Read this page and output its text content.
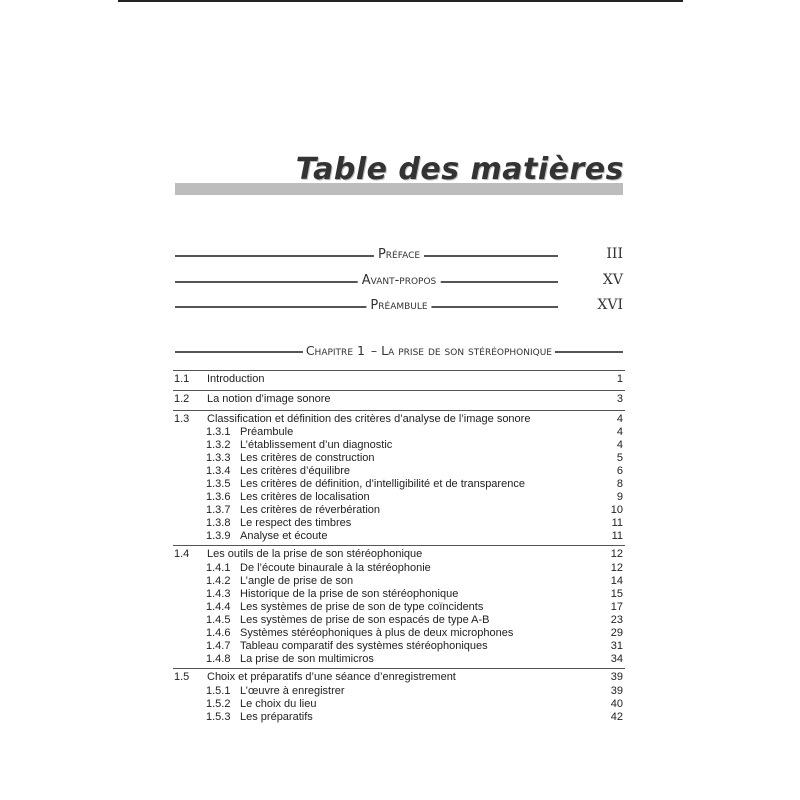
Table des matières
Préface	III
Avant-propos	XV
Préambule	XVI
Chapitre 1 – La prise de son stéréophonique
1.1	Introduction	1
1.2	La notion d’image sonore	3
1.3	Classification et définition des critères d’analyse de l’image sonore	4
1.3.1 Préambule	4
1.3.2 L’établissement d’un diagnostic	4
1.3.3 Les critères de construction	5
1.3.4 Les critères d’équilibre	6
1.3.5 Les critères de définition, d’intelligibilité et de transparence	8
1.3.6 Les critères de localisation	9
1.3.7 Les critères de réverbération	10
1.3.8 Le respect des timbres	11
1.3.9 Analyse et écoute	11
1.4	Les outils de la prise de son stéréophonique	12
1.4.1 De l’écoute binaurale à la stéréophonie	12
1.4.2 L’angle de prise de son	14
1.4.3 Historique de la prise de son stéréophonique	15
1.4.4 Les systèmes de prise de son de type coïncidents	17
1.4.5 Les systèmes de prise de son espacés de type A-B	23
1.4.6 Systèmes stéréophoniques à plus de deux microphones	29
1.4.7 Tableau comparatif des systèmes stéréophoniques	31
1.4.8 La prise de son multimicros	34
1.5	Choix et préparatifs d’une séance d’enregistrement	39
1.5.1 L’œuvre à enregistrer	39
1.5.2 Le choix du lieu	40
1.5.3 Les préparatifs	42
